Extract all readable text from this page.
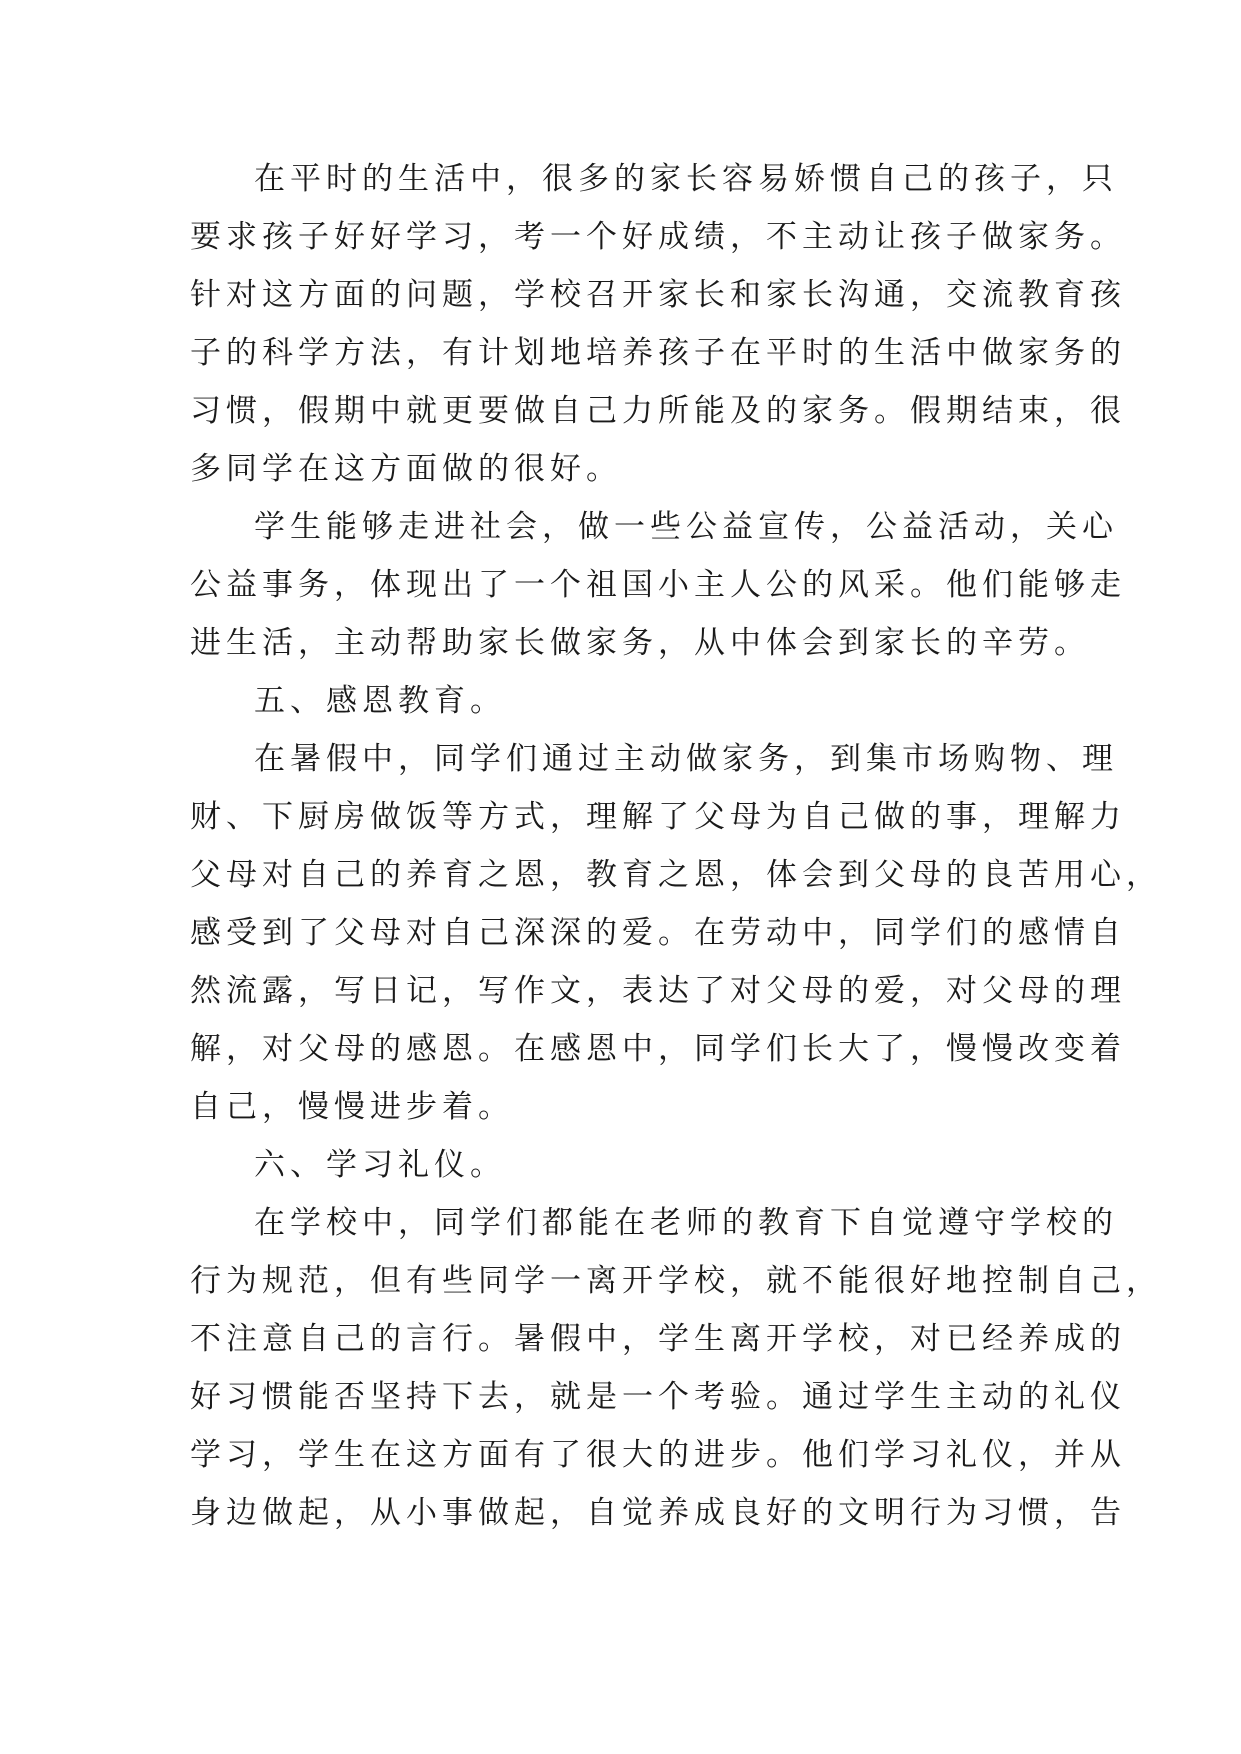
在平时的生活中，很多的家长容易娇惯自己的孩子，只
要求孩子好好学习，考一个好成绩，不主动让孩子做家务。
针对这方面的问题，学校召开家长和家长沟通，交流教育孩
子的科学方法，有计划地培养孩子在平时的生活中做家务的
习惯，假期中就更要做自己力所能及的家务。假期结束，很
多同学在这方面做的很好。
学生能够走进社会，做一些公益宣传，公益活动，关心
公益事务，体现出了一个祖国小主人公的风采。他们能够走
进生活，主动帮助家长做家务，从中体会到家长的辛劳。
五、感恩教育。
在暑假中，同学们通过主动做家务，到集市场购物、理
财、下厨房做饭等方式，理解了父母为自己做的事，理解力
父母对自己的养育之恩，教育之恩，体会到父母的良苦用心，
感受到了父母对自己深深的爱。在劳动中，同学们的感情自
然流露，写日记，写作文，表达了对父母的爱，对父母的理
解，对父母的感恩。在感恩中，同学们长大了，慢慢改变着
自己，慢慢进步着。
六、学习礼仪。
在学校中，同学们都能在老师的教育下自觉遵守学校的
行为规范，但有些同学一离开学校，就不能很好地控制自己，
不注意自己的言行。暑假中，学生离开学校，对已经养成的
好习惯能否坚持下去，就是一个考验。通过学生主动的礼仪
学习，学生在这方面有了很大的进步。他们学习礼仪，并从
身边做起，从小事做起，自觉养成良好的文明行为习惯，告
